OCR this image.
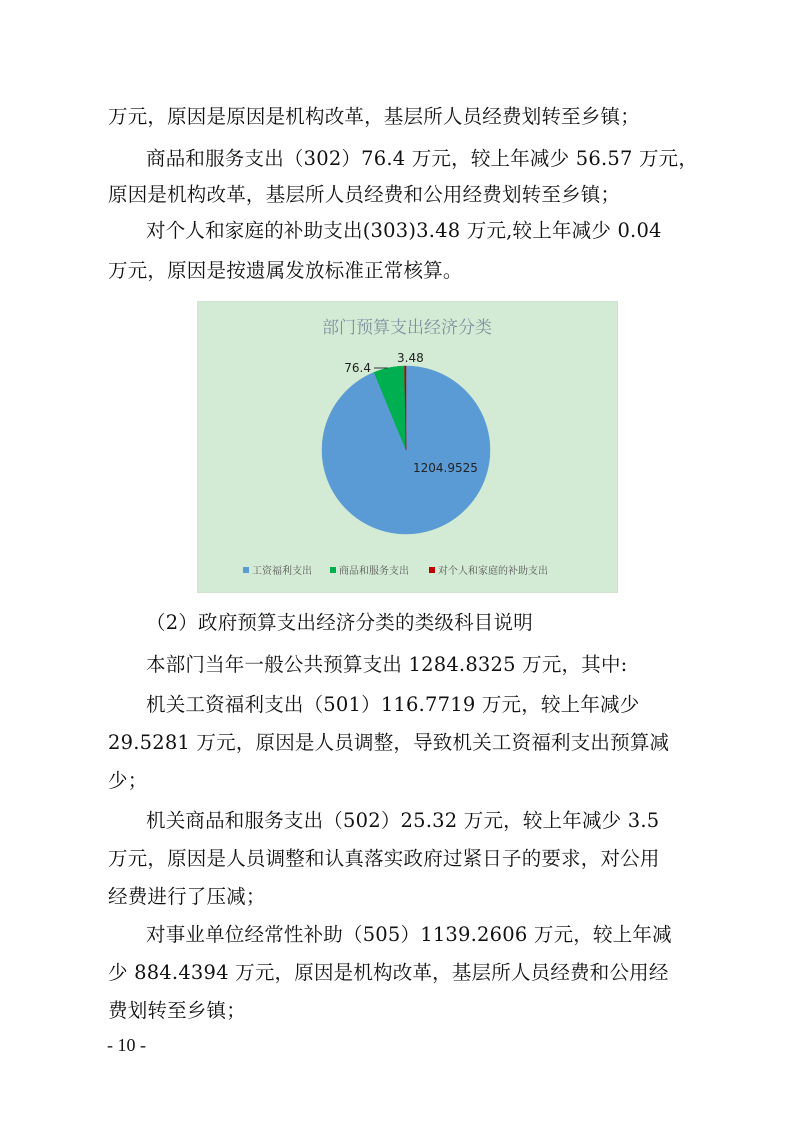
万元，原因是原因是机构改革，基层所人员经费划转至乡镇；
商品和服务支出（302）76.4 万元，较上年减少 56.57 万元，
原因是机构改革，基层所人员经费和公用经费划转至乡镇；
对个人和家庭的补助支出(303)3.48 万元,较上年减少 0.04
万元，原因是按遗属发放标准正常核算。
部门预算支出经济分类
1204.9525
76.4
3.48
工资福利支出	商品和服务支出	对个人和家庭的补助支出
（2）政府预算支出经济分类的类级科目说明
本部门当年一般公共预算支出 1284.8325 万元，其中:
机关工资福利支出（501）116.7719 万元，较上年减少
29.5281 万元，原因是人员调整，导致机关工资福利支出预算减
少；
机关商品和服务支出（502）25.32 万元，较上年减少 3.5
万元，原因是人员调整和认真落实政府过紧日子的要求，对公用
经费进行了压减；
对事业单位经常性补助（505）1139.2606 万元，较上年减
少 884.4394 万元，原因是机构改革，基层所人员经费和公用经
费划转至乡镇；
- 10 -
